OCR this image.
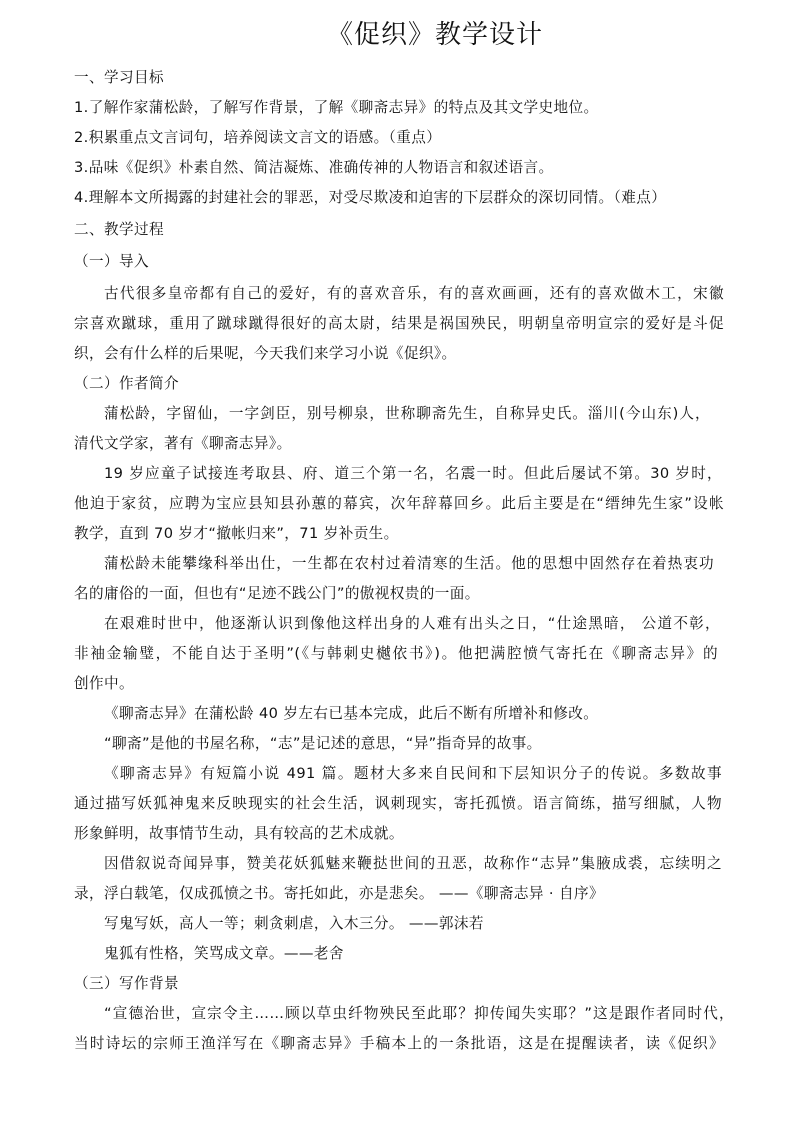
《促织》教学设计
一、学习目标
1.了解作家蒲松龄，了解写作背景，了解《聊斋志异》的特点及其文学史地位。
2.积累重点文言词句，培养阅读文言文的语感。（重点）
3.品味《促织》朴素自然、简洁凝炼、准确传神的人物语言和叙述语言。
4.理解本文所揭露的封建社会的罪恶，对受尽欺凌和迫害的下层群众的深切同情。（难点）
二、教学过程
（一）导入
古代很多皇帝都有自己的爱好，有的喜欢音乐，有的喜欢画画，还有的喜欢做木工，宋徽
宗喜欢蹴球，重用了蹴球蹴得很好的高太尉，结果是祸国殃民，明朝皇帝明宣宗的爱好是斗促
织，会有什么样的后果呢，今天我们来学习小说《促织》。
（二）作者简介
蒲松龄，字留仙，一字剑臣，别号柳泉，世称聊斋先生，自称异史氏。淄川(今山东)人，
清代文学家，著有《聊斋志异》。
19 岁应童子试接连考取县、府、道三个第一名，名震一时。但此后屡试不第。30 岁时，
他迫于家贫，应聘为宝应县知县孙蕙的幕宾，次年辞幕回乡。此后主要是在“缙绅先生家”设帐
教学，直到 70 岁才“撤帐归来”，71 岁补贡生。
蒲松龄未能攀缘科举出仕，一生都在农村过着清寒的生活。他的思想中固然存在着热衷功
名的庸俗的一面，但也有“足迹不践公门”的傲视权贵的一面。
在艰难时世中，他逐渐认识到像他这样出身的人难有出头之日，“仕途黑暗， 公道不彰，
非袖金输璧，不能自达于圣明”(《与韩刺史樾依书》)。他把满腔愤气寄托在《聊斋志异》的
创作中。
《聊斋志异》在蒲松龄 40 岁左右已基本完成，此后不断有所增补和修改。
“聊斋”是他的书屋名称，“志”是记述的意思，“异”指奇异的故事。
《聊斋志异》有短篇小说 491 篇。题材大多来自民间和下层知识分子的传说。多数故事
通过描写妖狐神鬼来反映现实的社会生活，讽刺现实，寄托孤愤。语言简练，描写细腻，人物
形象鲜明，故事情节生动，具有较高的艺术成就。
因借叙说奇闻异事，赞美花妖狐魅来鞭挞世间的丑恶，故称作“志异”集腋成裘，忘续明之
录，浮白载笔，仅成孤愤之书。寄托如此，亦是悲矣。 ——《聊斋志异 · 自序》
写鬼写妖，高人一等；刺贪刺虐，入木三分。 ——郭沫若
鬼狐有性格，笑骂成文章。——老舍
（三）写作背景
“宣德治世，宣宗令主……顾以草虫纤物殃民至此耶？抑传闻失实耶？”这是跟作者同时代，
当时诗坛的宗师王渔洋写在《聊斋志异》手稿本上的一条批语，这是在提醒读者，读《促织》
